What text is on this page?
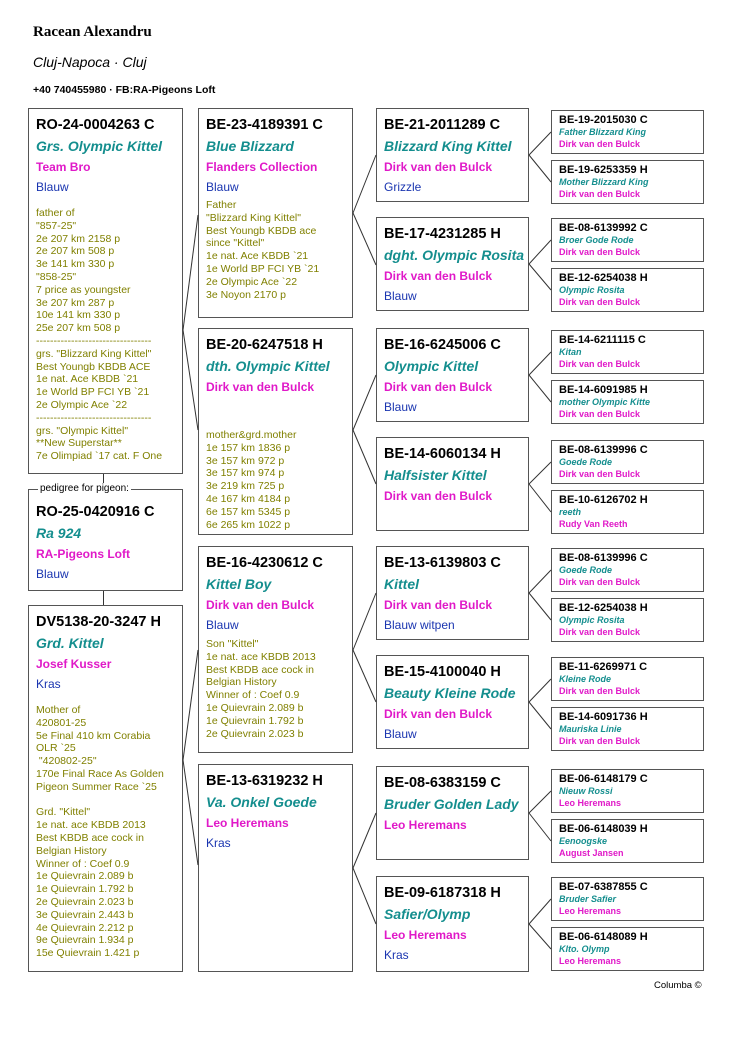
Racean Alexandru
Cluj-Napoca · Cluj
+40 740455980 · FB:RA-Pigeons Loft
RO-24-0004263 C
Grs. Olympic Kittel
Team Bro
Blauw
father of
"857-25"
2e 207 km 2158 p
2e 207 km 508 p
3e 141 km 330 p
"858-25"
7 price as youngster
3e 207 km 287 p
10e 141 km 330 p
25e 207 km 508 p
---------------------------------
grs. "Blizzard King Kittel"
Best Youngb KBDB ACE
1e nat. Ace KBDB `21
1e World BP FCI YB `21
2e Olympic Ace `22
---------------------------------
grs. "Olympic Kittel"
**New Superstar**
7e Olimpiad `17 cat. F One
RO-25-0420916 C
Ra 924
RA-Pigeons Loft
Blauw
pedigree for pigeon:
DV5138-20-3247 H
Grd. Kittel
Josef Kusser
Kras
Mother of
420801-25
5e Final 410 km Corabia
OLR `25
"420802-25"
170e Final Race As Golden
Pigeon Summer Race `25

Grd. "Kittel"
1e nat. ace KBDB 2013
Best KBDB ace cock in
Belgian History
Winner of : Coef 0.9
1e Quievrain 2.089 b
1e Quievrain 1.792 b
2e Quievrain 2.023 b
3e Quievrain 2.443 b
4e Quievrain 2.212 p
9e Quievrain 1.934 p
15e Quievrain 1.421 p
BE-23-4189391 C
Blue Blizzard
Flanders Collection
Blauw
Father
"Blizzard King Kittel"
Best Youngb KBDB ace
since "Kittel"
1e nat. Ace KBDB `21
1e World BP FCI YB `21
2e Olympic Ace `22
3e Noyon 2170 p
BE-20-6247518 H
dth. Olympic Kittel
Dirk van den Bulck
mother&grd.mother
1e 157 km 1836 p
3e 157 km 972 p
3e 157 km 974 p
3e 219 km 725 p
4e 167 km 4184 p
6e 157 km 5345 p
6e 265 km 1022 p
BE-16-4230612 C
Kittel Boy
Dirk van den Bulck
Blauw
Son "Kittel"
1e nat. ace KBDB 2013
Best KBDB ace cock in
Belgian History
Winner of : Coef 0.9
1e Quievrain 2.089 b
1e Quievrain 1.792 b
2e Quievrain 2.023 b
BE-13-6319232 H
Va. Onkel Goede
Leo Heremans
Kras
BE-21-2011289 C
Blizzard King Kittel
Dirk van den Bulck
Grizzle
BE-17-4231285 H
dght. Olympic Rosita
Dirk van den Bulck
Blauw
BE-16-6245006 C
Olympic Kittel
Dirk van den Bulck
Blauw
BE-14-6060134 H
Halfsister Kittel
Dirk van den Bulck
BE-13-6139803 C
Kittel
Dirk van den Bulck
Blauw witpen
BE-15-4100040 H
Beauty Kleine Rode
Dirk van den Bulck
Blauw
BE-08-6383159 C
Bruder Golden Lady
Leo Heremans
BE-09-6187318 H
Safier/Olymp
Leo Heremans
Kras
BE-19-2015030 C
Father Blizzard King
Dirk van den Bulck
BE-19-6253359 H
Mother Blizzard King
Dirk van den Bulck
BE-08-6139992 C
Broer Gode Rode
Dirk van den Bulck
BE-12-6254038 H
Olympic Rosita
Dirk van den Bulck
BE-14-6211115 C
Kitan
Dirk van den Bulck
BE-14-6091985 H
mother Olympic Kitte
Dirk van den Bulck
BE-08-6139996 C
Goede Rode
Dirk van den Bulck
BE-10-6126702 H
reeth
Rudy Van Reeth
BE-08-6139996 C
Goede Rode
Dirk van den Bulck
BE-12-6254038 H
Olympic Rosita
Dirk van den Bulck
BE-11-6269971 C
Kleine Rode
Dirk van den Bulck
BE-14-6091736 H
Mauriska Linie
Dirk van den Bulck
BE-06-6148179 C
Nieuw Rossi
Leo Heremans
BE-06-6148039 H
Eenoogske
August Jansen
BE-07-6387855 C
Bruder Safier
Leo Heremans
BE-06-6148089 H
Klto. Olymp
Leo Heremans
Columba ©
